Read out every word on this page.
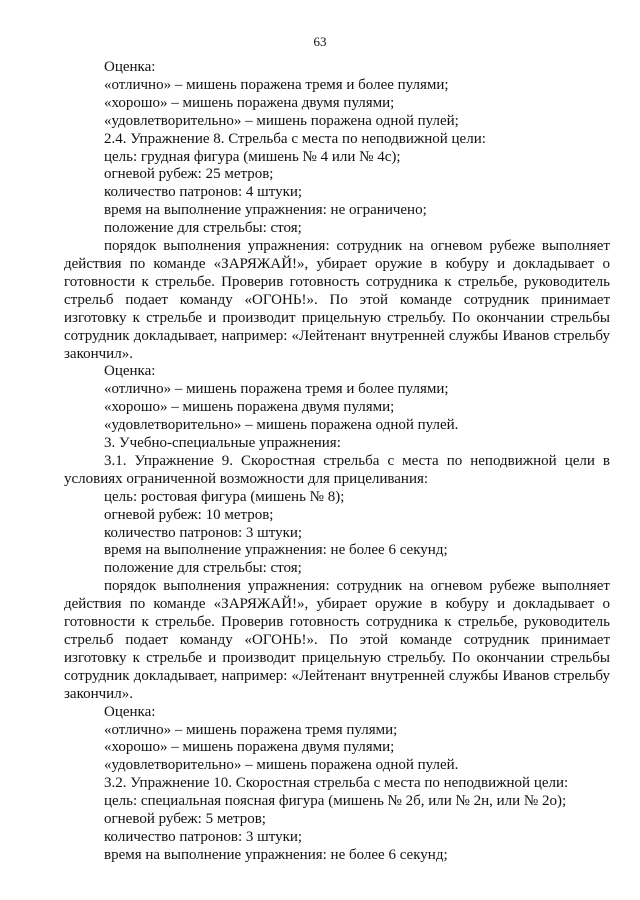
63

Оценка:

«отлично» – мишень поражена тремя и более пулями;

«хорошо» – мишень поражена двумя пулями;

«удовлетворительно» – мишень поражена одной пулей;

2.4. Упражнение 8. Стрельба с места по неподвижной цели:

цель: грудная фигура (мишень № 4 или № 4с);

огневой рубеж: 25 метров;

количество патронов: 4 штуки;

время на выполнение упражнения: не ограничено;

положение для стрельбы: стоя;

порядок выполнения упражнения: сотрудник на огневом рубеже выполняет действия по команде «ЗАРЯЖАЙ!», убирает оружие в кобуру и докладывает о готовности к стрельбе. Проверив готовность сотрудника к стрельбе, руководитель стрельб подает команду «ОГОНЬ!». По этой команде сотрудник принимает изготовку к стрельбе и производит прицельную стрельбу. По окончании стрельбы сотрудник докладывает, например: «Лейтенант внутренней службы Иванов стрельбу закончил».

Оценка:

«отлично» – мишень поражена тремя и более пулями;

«хорошо» – мишень поражена двумя пулями;

«удовлетворительно» – мишень поражена одной пулей.

3. Учебно-специальные упражнения:

3.1. Упражнение 9. Скоростная стрельба с места по неподвижной цели в условиях ограниченной возможности для прицеливания:

цель: ростовая фигура (мишень № 8);

огневой рубеж: 10 метров;

количество патронов: 3 штуки;

время на выполнение упражнения: не более 6 секунд;

положение для стрельбы: стоя;

порядок выполнения упражнения: сотрудник на огневом рубеже выполняет действия по команде «ЗАРЯЖАЙ!», убирает оружие в кобуру и докладывает о готовности к стрельбе. Проверив готовность сотрудника к стрельбе, руководитель стрельб подает команду «ОГОНЬ!». По этой команде сотрудник принимает изготовку к стрельбе и производит прицельную стрельбу. По окончании стрельбы сотрудник докладывает, например: «Лейтенант внутренней службы Иванов стрельбу закончил».

Оценка:

«отлично» – мишень поражена тремя пулями;

«хорошо» – мишень поражена двумя пулями;

«удовлетворительно» – мишень поражена одной пулей.

3.2. Упражнение 10. Скоростная стрельба с места по неподвижной цели:

цель: специальная поясная фигура (мишень № 2б, или № 2н, или № 2о);

огневой рубеж: 5 метров;

количество патронов: 3 штуки;

время на выполнение упражнения: не более 6 секунд;
